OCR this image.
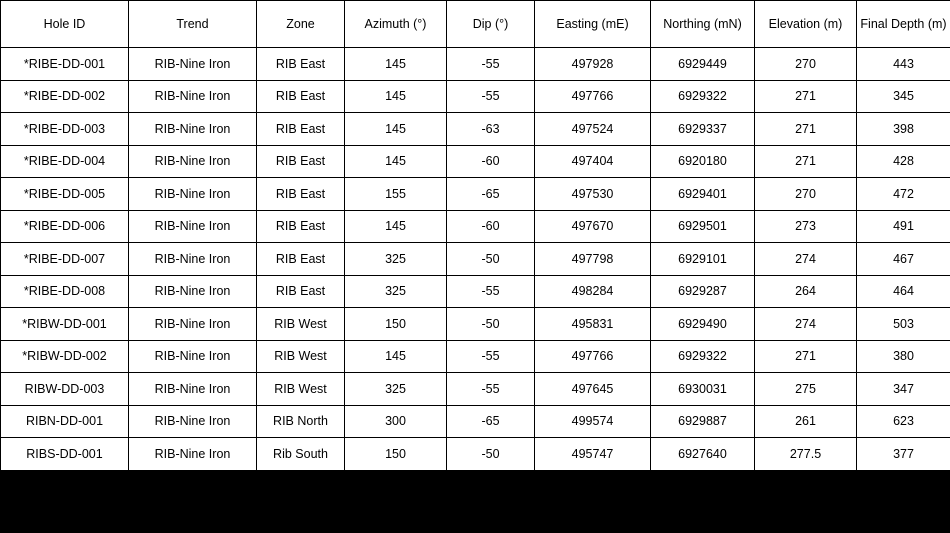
Hole ID	Trend	Zone	Azimuth (°)	Dip (°)	Easting (mE)	Northing (mN)	Elevation (m)	Final Depth (m)
*RIBE-DD-001	RIB-Nine Iron	RIB East	145	-55	497928	6929449	270	443
*RIBE-DD-002	RIB-Nine Iron	RIB East	145	-55	497766	6929322	271	345
*RIBE-DD-003	RIB-Nine Iron	RIB East	145	-63	497524	6929337	271	398
*RIBE-DD-004	RIB-Nine Iron	RIB East	145	-60	497404	6920180	271	428
*RIBE-DD-005	RIB-Nine Iron	RIB East	155	-65	497530	6929401	270	472
*RIBE-DD-006	RIB-Nine Iron	RIB East	145	-60	497670	6929501	273	491
*RIBE-DD-007	RIB-Nine Iron	RIB East	325	-50	497798	6929101	274	467
*RIBE-DD-008	RIB-Nine Iron	RIB East	325	-55	498284	6929287	264	464
*RIBW-DD-001	RIB-Nine Iron	RIB West	150	-50	495831	6929490	274	503
*RIBW-DD-002	RIB-Nine Iron	RIB West	145	-55	497766	6929322	271	380
RIBW-DD-003	RIB-Nine Iron	RIB West	325	-55	497645	6930031	275	347
RIBN-DD-001	RIB-Nine Iron	RIB North	300	-65	499574	6929887	261	623
RIBS-DD-001	RIB-Nine Iron	Rib South	150	-50	495747	6927640	277.5	377
